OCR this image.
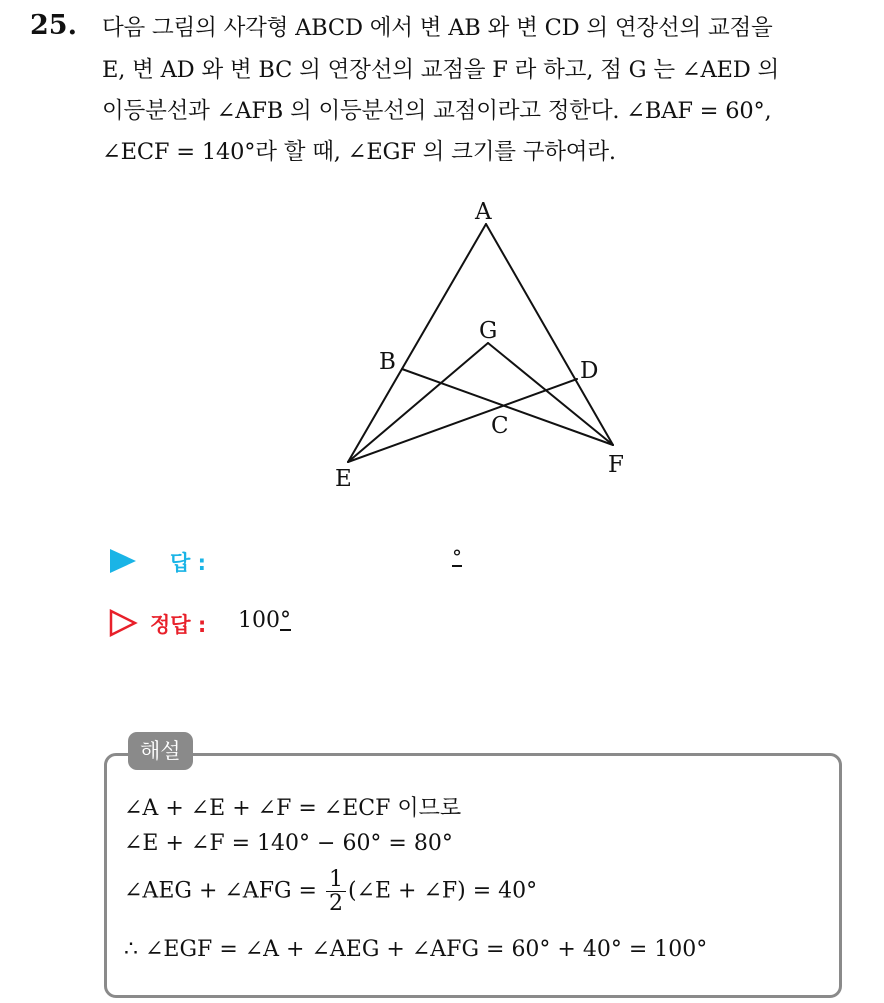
25. 다음 그림의 사각형 ABCD 에서 변 AB 와 변 CD 의 연장선의 교점을
E, 변 AD 와 변 BC 의 연장선의 교점을 F 라 하고, 점 G 는 ∠AED 의
이등분선과 ∠AFB 의 이등분선의 교점이라고 정한다. ∠BAF = 60°,
∠ECF = 140°라 할 때, ∠EGF 의 크기를 구하여라.
A
G
B	D
C
E
F
답 :	°
정답 : 100°
해설
∠A + ∠E + ∠F = ∠ECF 이므로
∠E + ∠F = 140° − 60° = 80°
∠AEG + ∠AFG = $\frac{1}{2}$ (∠E + ∠F) = 40°
∴ ∠EGF = ∠A + ∠AEG + ∠AFG = 60° + 40° = 100°
